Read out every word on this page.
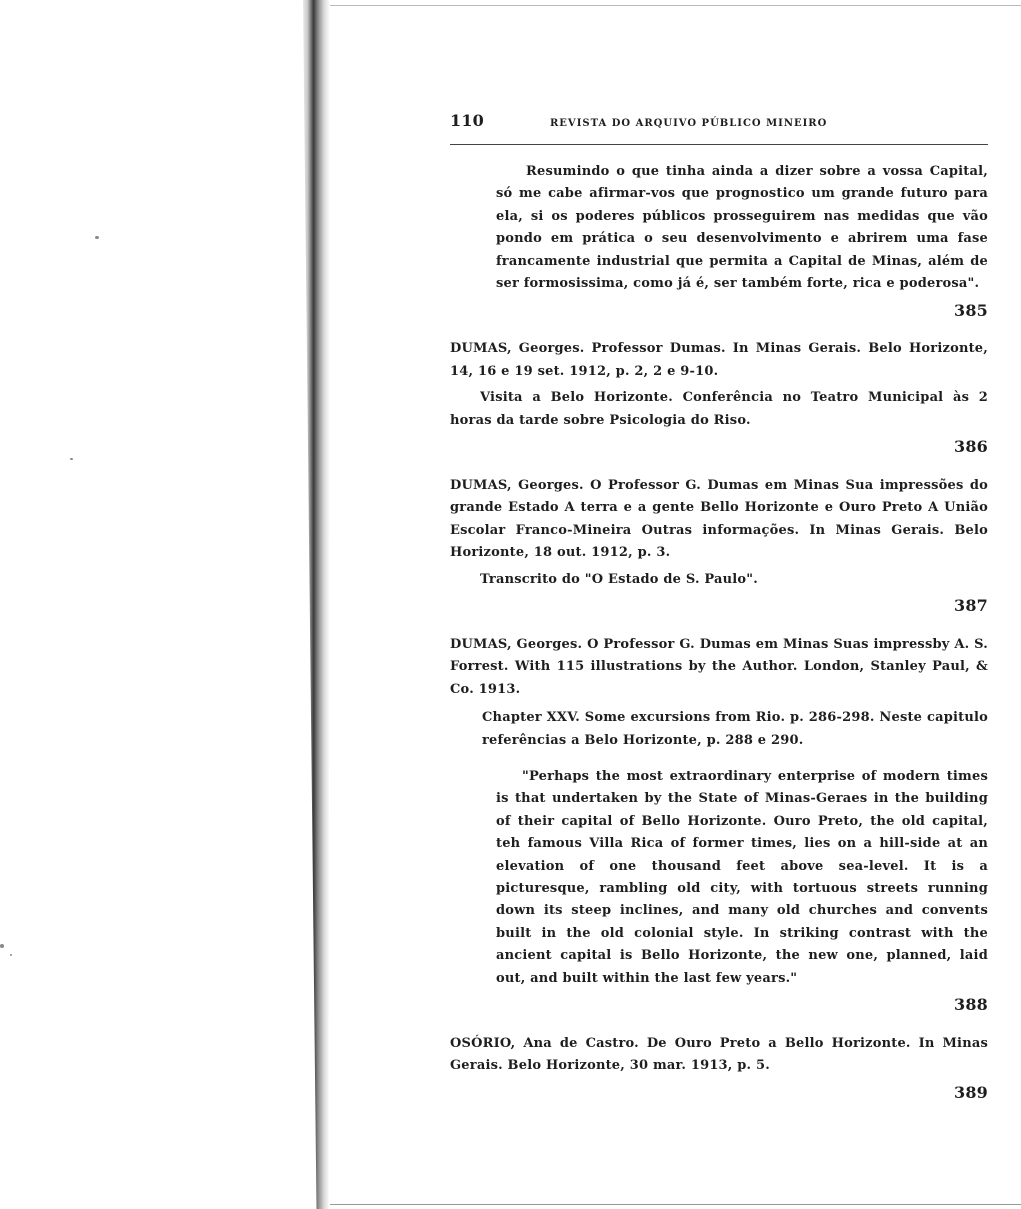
110	REVISTA DO ARQUIVO PÚBLICO MINEIRO

Resumindo o que tinha ainda a dizer sobre a vossa Capital, só me cabe afirmar-vos que prognostico um grande futuro para ela, si os poderes públicos prosseguirem nas medidas que vão pondo em prática o seu desenvolvimento e abrirem uma fase francamente industrial que permita a Capital de Minas, além de ser formosissima, como já é, ser também forte, rica e poderosa".

385

DUMAS, Georges. Professor Dumas. In Minas Gerais. Belo Horizonte, 14, 16 e 19 set. 1912, p. 2, 2 e 9-10.

Visita a Belo Horizonte. Conferência no Teatro Municipal às 2 horas da tarde sobre Psicologia do Riso.

386

DUMAS, Georges. O Professor G. Dumas em Minas Sua impressões do grande Estado A terra e a gente Bello Horizonte e Ouro Preto A União Escolar Franco-Mineira Outras informações. In Minas Gerais. Belo Horizonte, 18 out. 1912, p. 3.

Transcrito do "O Estado de S. Paulo".

387

DUMAS, Georges. O Professor G. Dumas em Minas Suas impressby A. S. Forrest. With 115 illustrations by the Author. London, Stanley Paul, & Co. 1913.

Chapter XXV. Some excursions from Rio. p. 286-298. Neste capitulo referências a Belo Horizonte, p. 288 e 290.

"Perhaps the most extraordinary enterprise of modern times is that undertaken by the State of Minas-Geraes in the building of their capital of Bello Horizonte. Ouro Preto, the old capital, teh famous Villa Rica of former times, lies on a hill-side at an elevation of one thousand feet above sea-level. It is a picturesque, rambling old city, with tortuous streets running down its steep inclines, and many old churches and convents built in the old colonial style. In striking contrast with the ancient capital is Bello Horizonte, the new one, planned, laid out, and built within the last few years."

388

OSÓRIO, Ana de Castro. De Ouro Preto a Bello Horizonte. In Minas Gerais. Belo Horizonte, 30 mar. 1913, p. 5.

389
